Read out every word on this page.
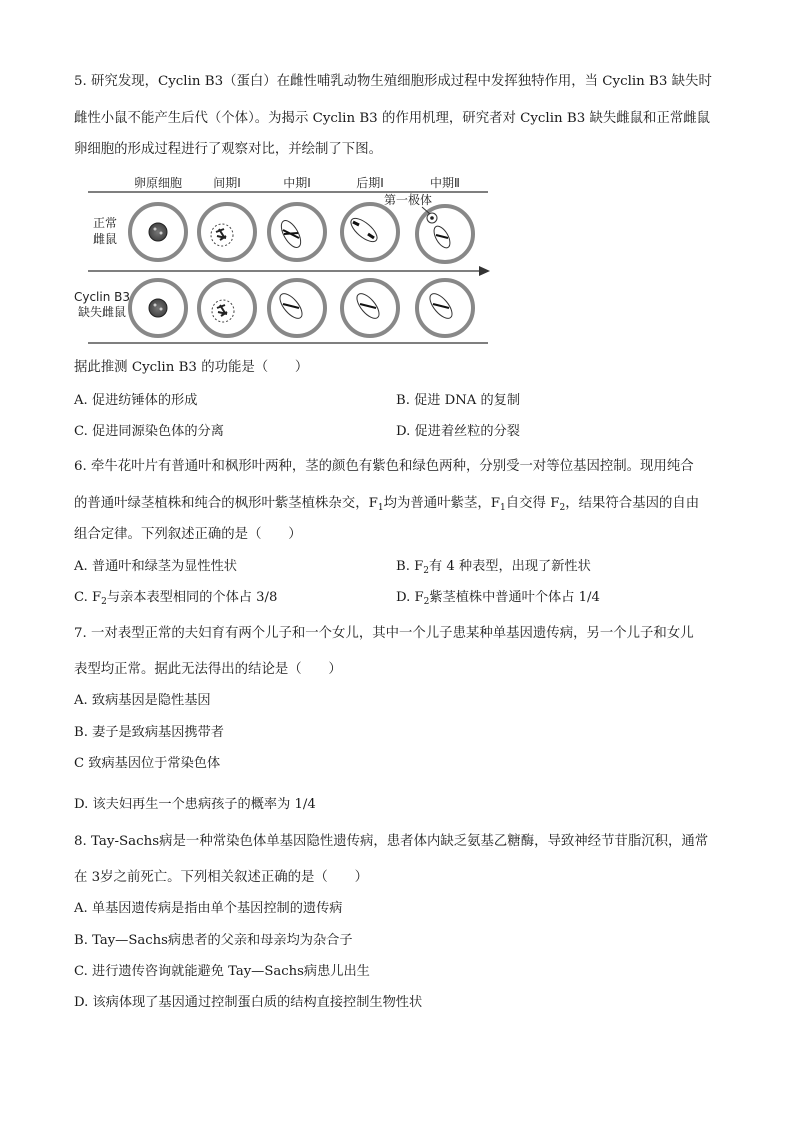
5. 研究发现，Cyclin B3（蛋白）在雌性哺乳动物生殖细胞形成过程中发挥独特作用，当 Cyclin B3 缺失时
雌性小鼠不能产生后代（个体）。为揭示 Cyclin B3 的作用机理，研究者对 Cyclin B3 缺失雌鼠和正常雌鼠
卵细胞的形成过程进行了观察对比，并绘制了下图。
卵原细胞	间期Ⅰ	中期Ⅰ	后期Ⅰ	中期Ⅱ
正常
雌鼠
Cyclin B3
缺失雌鼠
第一极体
据此推测 Cyclin B3 的功能是（　　）
A. 促进纺锤体的形成	B. 促进 DNA 的复制
C. 促进同源染色体的分离	D. 促进着丝粒的分裂
6. 牵牛花叶片有普通叶和枫形叶两种，茎的颜色有紫色和绿色两种，分别受一对等位基因控制。现用纯合
的普通叶绿茎植株和纯合的枫形叶紫茎植株杂交，$F_1$均为普通叶紫茎，$F_1$自交得 $F_2$，结果符合基因的自由
组合定律。下列叙述正确的是（　　）
A. 普通叶和绿茎为显性性状	B. $F_2$有 4 种表型，出现了新性状
C. $F_2$与亲本表型相同的个体占 3/8	D. $F_2$紫茎植株中普通叶个体占 1/4
7. 一对表型正常的夫妇育有两个儿子和一个女儿，其中一个儿子患某种单基因遗传病，另一个儿子和女儿
表型均正常。据此无法得出的结论是（　　）
A. 致病基因是隐性基因
B. 妻子是致病基因携带者
C 致病基因位于常染色体
D. 该夫妇再生一个患病孩子的概率为 1/4
8. Tay-Sachs病是一种常染色体单基因隐性遗传病，患者体内缺乏氨基乙糖酶，导致神经节苷脂沉积，通常
在 3岁之前死亡。下列相关叙述正确的是（　　）
A. 单基因遗传病是指由单个基因控制的遗传病
B. Tay—Sachs病患者的父亲和母亲均为杂合子
C. 进行遗传咨询就能避免 Tay—Sachs病患儿出生
D. 该病体现了基因通过控制蛋白质的结构直接控制生物性状
